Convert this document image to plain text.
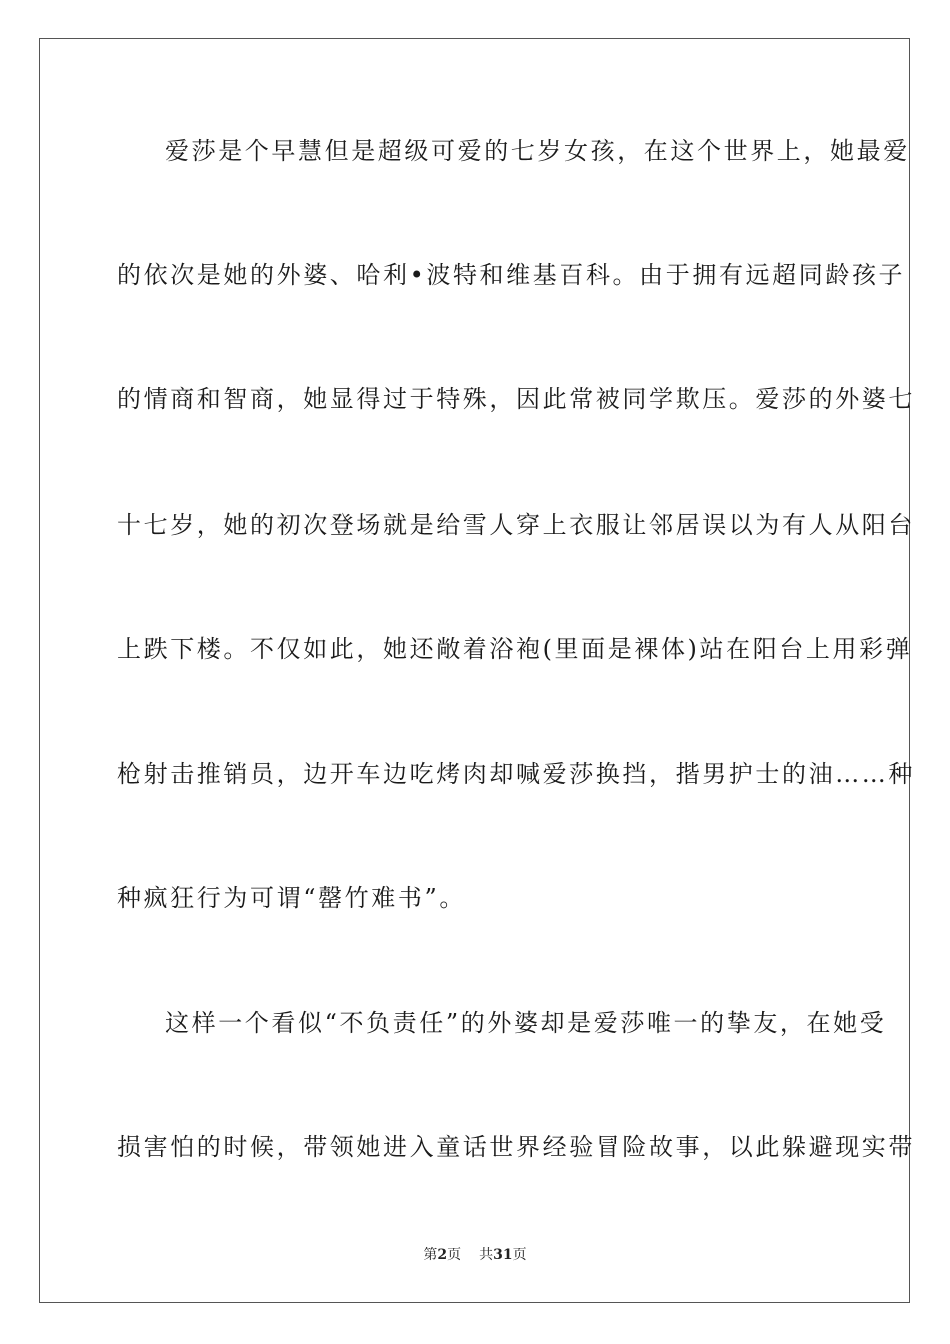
爱莎是个早慧但是超级可爱的七岁女孩，在这个世界上，她最爱
的依次是她的外婆、哈利•波特和维基百科。由于拥有远超同龄孩子
的情商和智商，她显得过于特殊，因此常被同学欺压。爱莎的外婆七
十七岁，她的初次登场就是给雪人穿上衣服让邻居误以为有人从阳台
上跌下楼。不仅如此，她还敞着浴袍(里面是裸体)站在阳台上用彩弹
枪射击推销员，边开车边吃烤肉却喊爱莎换挡，揩男护士的油……种
种疯狂行为可谓“罄竹难书”。
这样一个看似“不负责任”的外婆却是爱莎唯一的挚友，在她受
损害怕的时候，带领她进入童话世界经验冒险故事，以此躲避现实带
第2页 共31页
